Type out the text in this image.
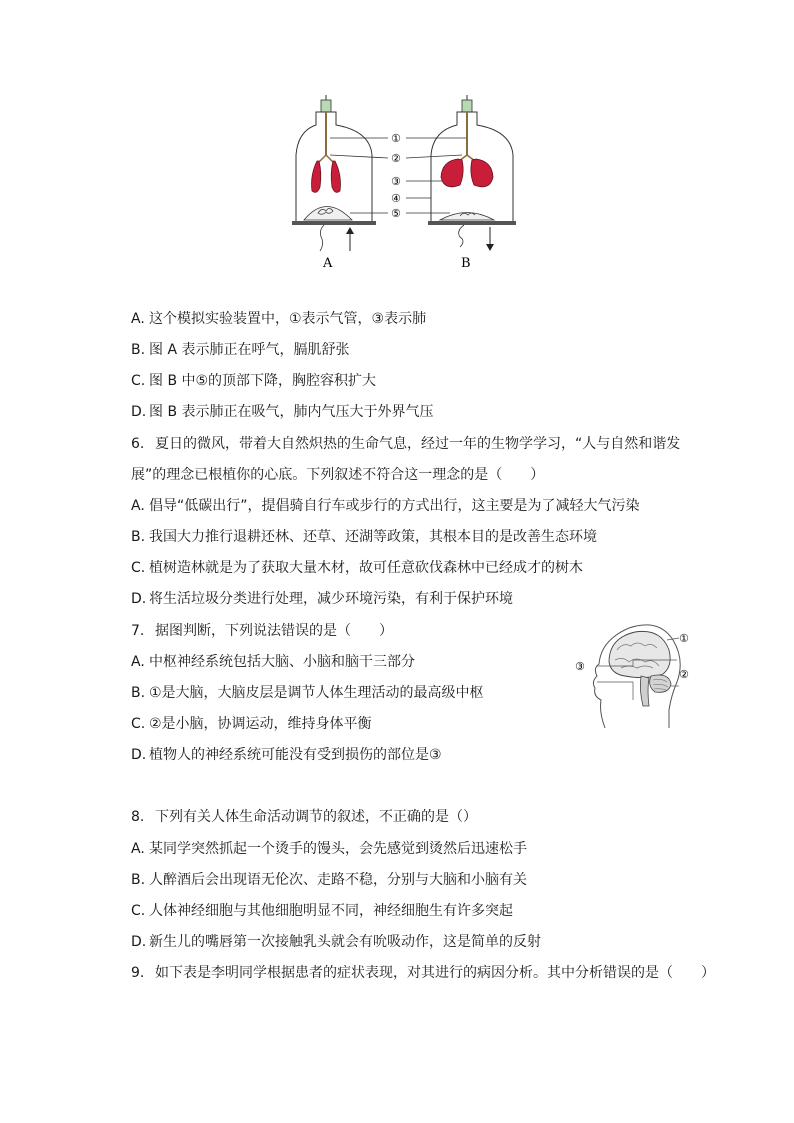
①
②
③
④
⑤
A	B
A. 这个模拟实验装置中，①表示气管，③表示肺
B. 图 A 表示肺正在呼气，膈肌舒张
C. 图 B 中⑤的顶部下降，胸腔容积扩大
D. 图 B 表示肺正在吸气，肺内气压大于外界气压
6. 夏日的微风，带着大自然炽热的生命气息，经过一年的生物学学习，“人与自然和谐发
展”的理念已根植你的心底。下列叙述不符合这一理念的是（　　）
A. 倡导“低碳出行”，提倡骑自行车或步行的方式出行，这主要是为了减轻大气污染
B. 我国大力推行退耕还林、还草、还湖等政策，其根本目的是改善生态环境
C. 植树造林就是为了获取大量木材，故可任意砍伐森林中已经成才的树木
D. 将生活垃圾分类进行处理，减少环境污染，有利于保护环境
7. 据图判断，下列说法错误的是（　　）
A. 中枢神经系统包括大脑、小脑和脑干三部分
B. ①是大脑，大脑皮层是调节人体生理活动的最高级中枢
C. ②是小脑，协调运动，维持身体平衡
D. 植物人的神经系统可能没有受到损伤的部位是③
①
②
③
8. 下列有关人体生命活动调节的叙述，不正确的是（）
A. 某同学突然抓起一个烫手的馒头，会先感觉到烫然后迅速松手
B. 人醉酒后会出现语无伦次、走路不稳，分别与大脑和小脑有关
C. 人体神经细胞与其他细胞明显不同，神经细胞生有许多突起
D. 新生儿的嘴唇第一次接触乳头就会有吮吸动作，这是简单的反射
9. 如下表是李明同学根据患者的症状表现，对其进行的病因分析。其中分析错误的是（　　）
